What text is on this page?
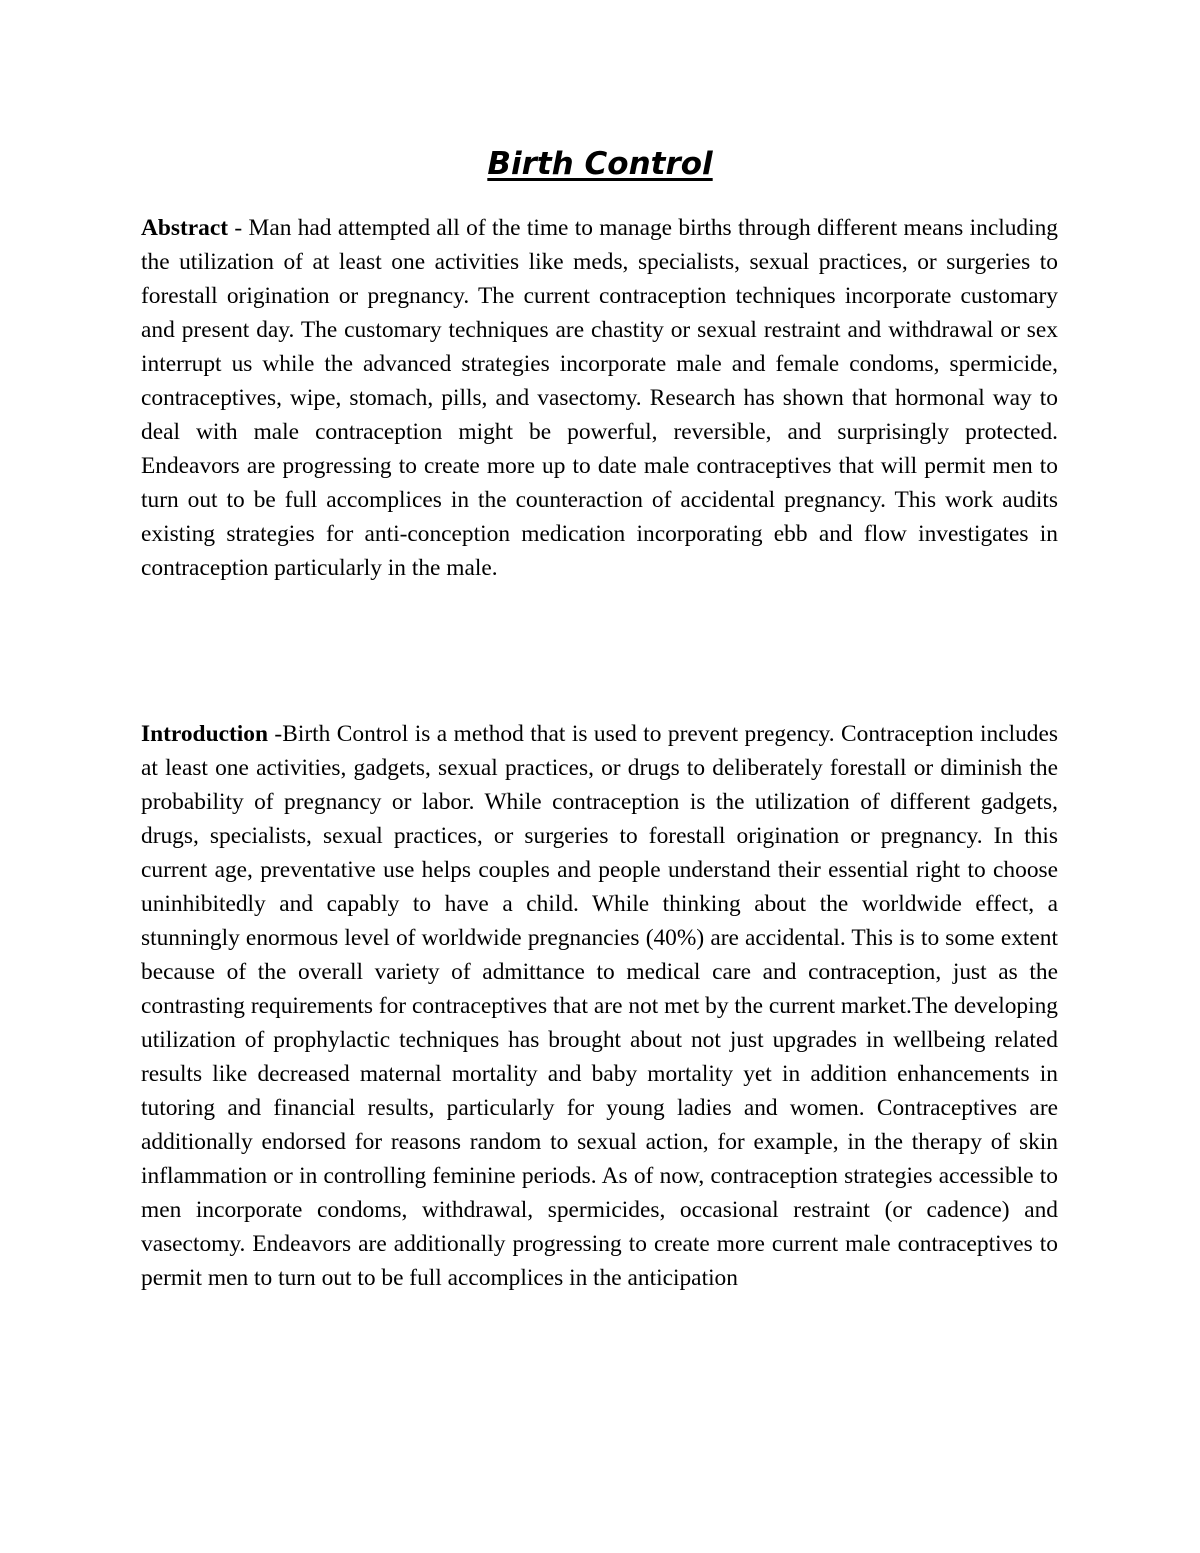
Birth Control

Abstract - Man had attempted all of the time to manage births through different means including the utilization of at least one activities like meds, specialists, sexual practices, or surgeries to forestall origination or pregnancy. The current contraception techniques incorporate customary and present day. The customary techniques are chastity or sexual restraint and withdrawal or sex interrupt us while the advanced strategies incorporate male and female condoms, spermicide, contraceptives, wipe, stomach, pills, and vasectomy. Research has shown that hormonal way to deal with male contraception might be powerful, reversible, and surprisingly protected. Endeavors are progressing to create more up to date male contraceptives that will permit men to turn out to be full accomplices in the counteraction of accidental pregnancy. This work audits existing strategies for anti-conception medication incorporating ebb and flow investigates in contraception particularly in the male.

Introduction -Birth Control is a method that is used to prevent pregency. Contraception includes at least one activities, gadgets, sexual practices, or drugs to deliberately forestall or diminish the probability of pregnancy or labor. While contraception is the utilization of different gadgets, drugs, specialists, sexual practices, or surgeries to forestall origination or pregnancy. In this current age, preventative use helps couples and people understand their essential right to choose uninhibitedly and capably to have a child. While thinking about the worldwide effect, a stunningly enormous level of worldwide pregnancies (40%) are accidental. This is to some extent because of the overall variety of admittance to medical care and contraception, just as the contrasting requirements for contraceptives that are not met by the current market.The developing utilization of prophylactic techniques has brought about not just upgrades in wellbeing related results like decreased maternal mortality and baby mortality yet in addition enhancements in tutoring and financial results, particularly for young ladies and women. Contraceptives are additionally endorsed for reasons random to sexual action, for example, in the therapy of skin inflammation or in controlling feminine periods. As of now, contraception strategies accessible to men incorporate condoms, withdrawal, spermicides, occasional restraint (or cadence) and vasectomy. Endeavors are additionally progressing to create more current male contraceptives to permit men to turn out to be full accomplices in the anticipation
